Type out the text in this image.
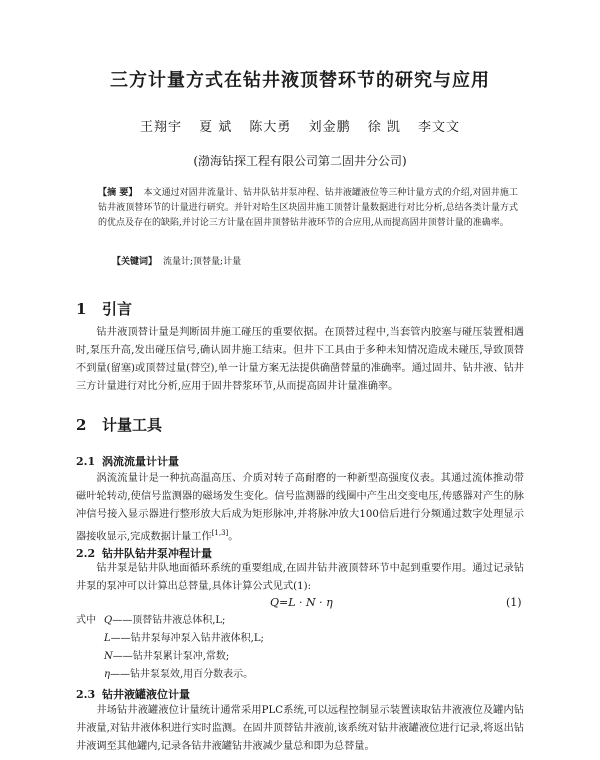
三方计量方式在钻井液顶替环节的研究与应用
王翔宇 夏 斌 陈大勇 刘金鹏 徐 凯 李文文
(渤海钻探工程有限公司第二固井分公司)
【摘 要】 本文通过对固井流量计、钻井队钻井泵冲程、钻井液罐液位等三种计量方式的介绍,对固井施工钻井液顶替环节的计量进行研究。并针对哈生区块固井施工顶替计量数据进行对比分析,总结各类计量方式的优点及存在的缺陷,并讨论三方计量在固井顶替钻井液环节的合应用,从而提高固井顶替计量的准确率。
【关键词】 流量计;顶替量;计量
1 引言
钻井液顶替计量是判断固井施工碰压的重要依据。在顶替过程中,当套管内胶塞与碰压装置相遇时,泵压升高,发出碰压信号,确认固井施工结束。但井下工具由于多种未知情况造成未碰压,导致顶替不到量(留塞)或顶替过量(替空),单一计量方案无法提供确凿替量的准确率。通过固井、钻井液、钻井三方计量进行对比分析,应用于固井替浆环节,从而提高固井计量准确率。
2 计量工具
2.1 涡流流量计计量
涡流流量计是一种抗高温高压、介质对转子高耐磨的一种新型高强度仪表。其通过流体推动带磁叶轮转动,使信号监测器的磁场发生变化。信号监测器的线圈中产生出交变电压,传感器对产生的脉冲信号接入显示器进行整形放大后成为矩形脉冲,并将脉冲放大100倍后进行分频通过数字处理显示器接收显示,完成数据计量工作[1,3]。
2.2 钻井队钻井泵冲程计量
钻井泵是钻井队地面循环系统的重要组成,在固井钻井液顶替环节中起到重要作用。通过记录钻井泵的泵冲可以计算出总替量,具体计算公式见式(1):
Q=L · N · η	(1)
式中 Q——顶替钻井液总体积,L;
L——钻井泵每冲泵入钻井液体积,L;
N——钻井泵累计泵冲,常数;
η——钻井泵泵效,用百分数表示。
2.3 钻井液罐液位计量
井场钻井液罐液位计量统计通常采用PLC系统,可以远程控制显示装置读取钻井液液位及罐内钻井液量,对钻井液体积进行实时监测。在固井顶替钻井液前,该系统对钻井液罐液位进行记录,将返出钻井液调至其他罐内,记录各钻井液罐钻井液减少量总和即为总替量。
